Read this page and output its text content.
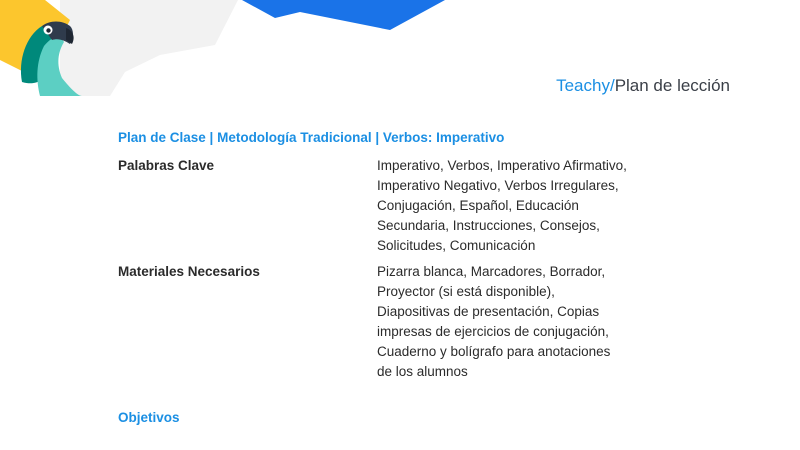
Teachy/Plan de lección
Plan de Clase | Metodología Tradicional | Verbos: Imperativo
Palabras Clave	Imperativo, Verbos, Imperativo Afirmativo, Imperativo Negativo, Verbos Irregulares, Conjugación, Español, Educación Secundaria, Instrucciones, Consejos, Solicitudes, Comunicación
Materiales Necesarios	Pizarra blanca, Marcadores, Borrador, Proyector (si está disponible), Diapositivas de presentación, Copias impresas de ejercicios de conjugación, Cuaderno y bolígrafo para anotaciones de los alumnos
Objetivos
